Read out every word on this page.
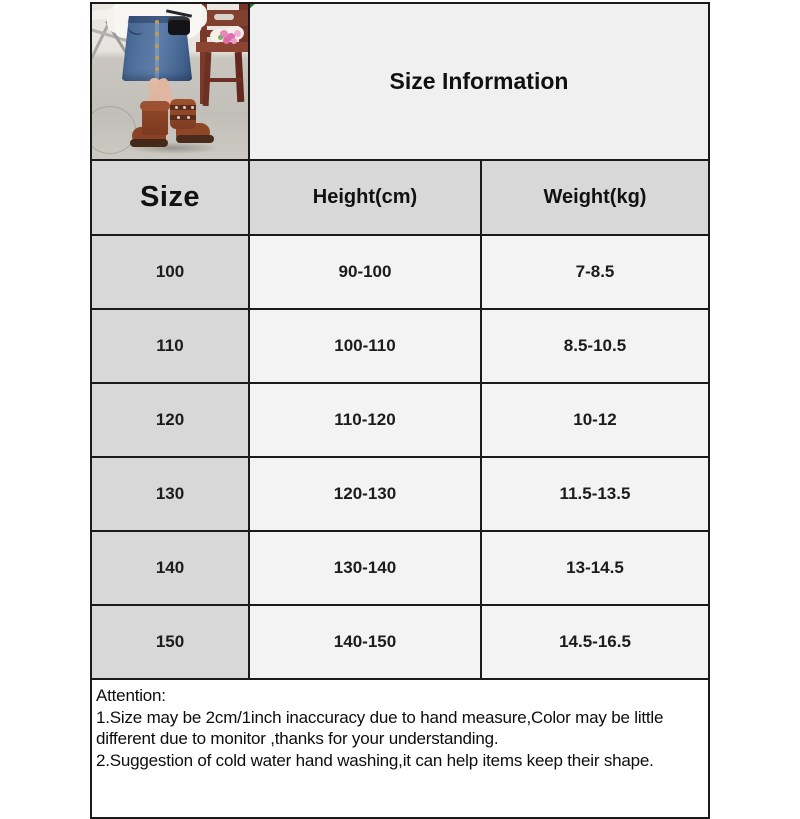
Size Information	
Size	Height(cm)	Weight(kg)
100	90-100	7-8.5
110	100-110	8.5-10.5
120	110-120	10-12
130	120-130	11.5-13.5
140	130-140	13-14.5
150	140-150	14.5-16.5

Attention:
1.Size may be 2cm/1inch inaccuracy due to hand measure,Color may be little different due to monitor ,thanks for your understanding.
2.Suggestion of cold water hand washing,it can help items keep their shape.		
